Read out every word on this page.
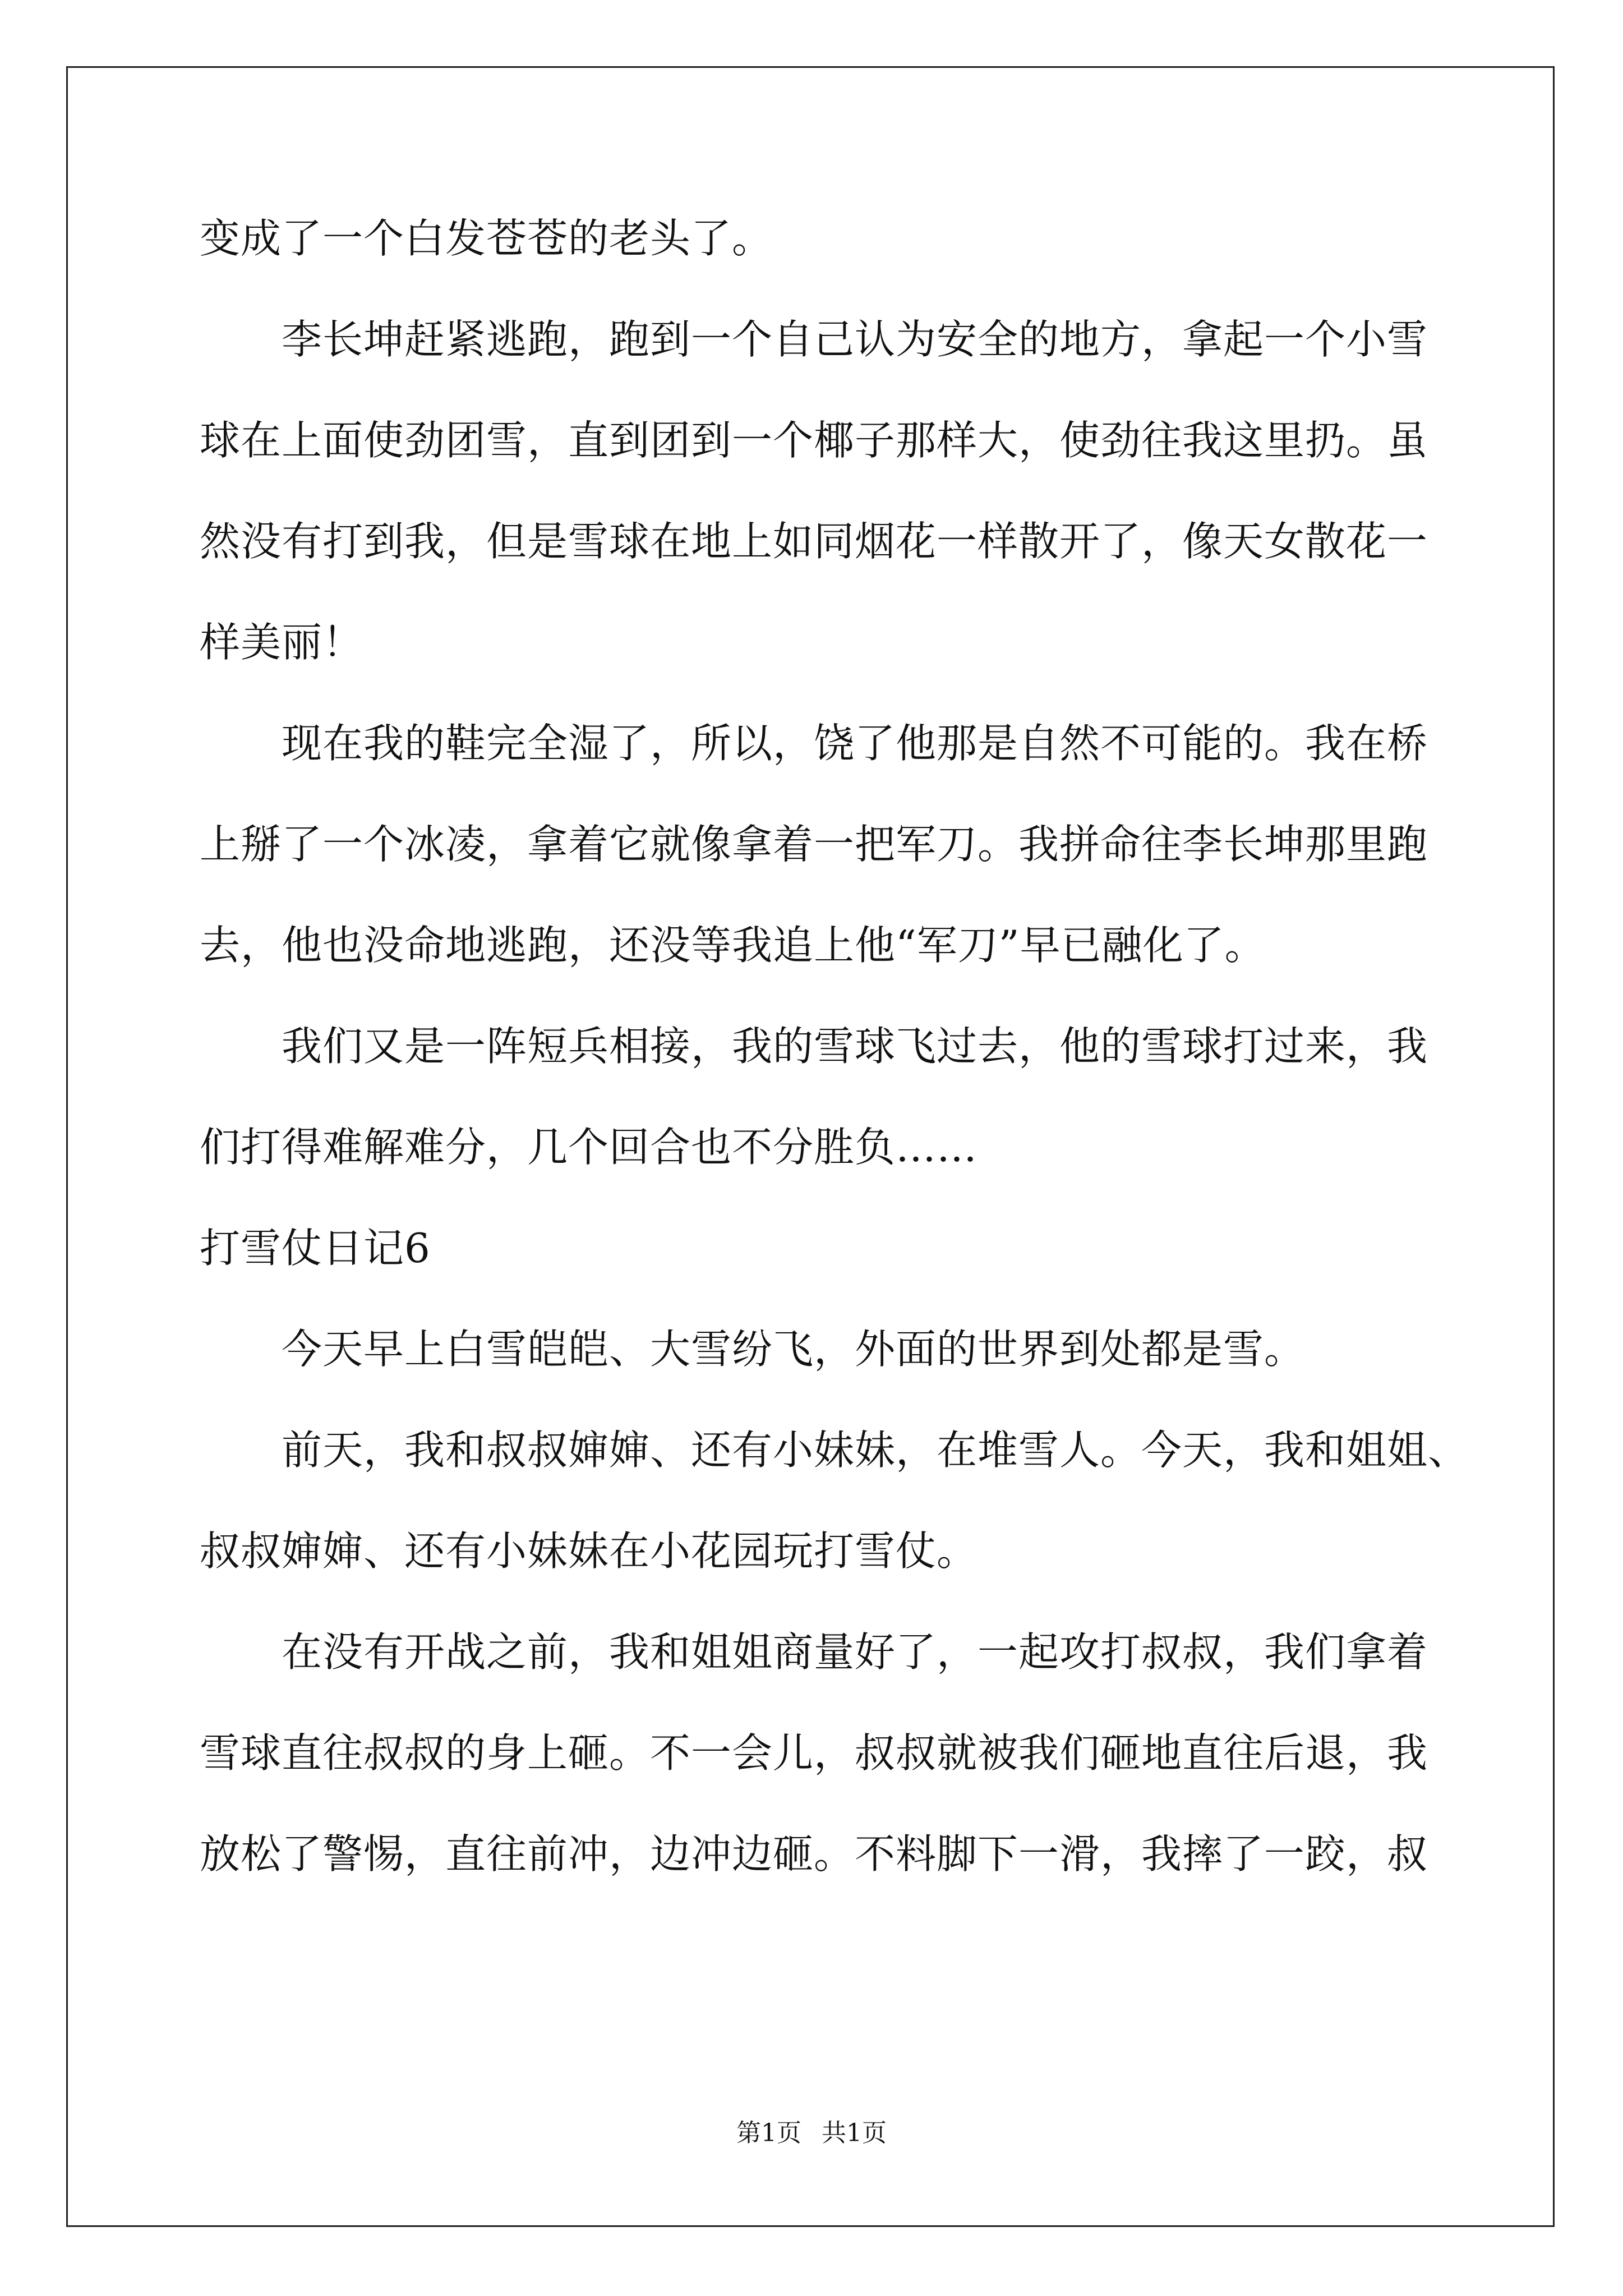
变成了一个白发苍苍的老头了。
李长坤赶紧逃跑，跑到一个自己认为安全的地方，拿起一个小雪
球在上面使劲团雪，直到团到一个椰子那样大，使劲往我这里扔。虽
然没有打到我，但是雪球在地上如同烟花一样散开了，像天女散花一
样美丽！
现在我的鞋完全湿了，所以，饶了他那是自然不可能的。我在桥
上掰了一个冰凌，拿着它就像拿着一把军刀。我拼命往李长坤那里跑
去，他也没命地逃跑，还没等我追上他“军刀”早已融化了。
我们又是一阵短兵相接，我的雪球飞过去，他的雪球打过来，我
们打得难解难分，几个回合也不分胜负……
打雪仗日记6
今天早上白雪皑皑、大雪纷飞，外面的世界到处都是雪。
前天，我和叔叔婶婶、还有小妹妹，在堆雪人。今天，我和姐姐、
叔叔婶婶、还有小妹妹在小花园玩打雪仗。
在没有开战之前，我和姐姐商量好了，一起攻打叔叔，我们拿着
雪球直往叔叔的身上砸。不一会儿，叔叔就被我们砸地直往后退，我
放松了警惕，直往前冲，边冲边砸。不料脚下一滑，我摔了一跤，叔
第1页 共1页
